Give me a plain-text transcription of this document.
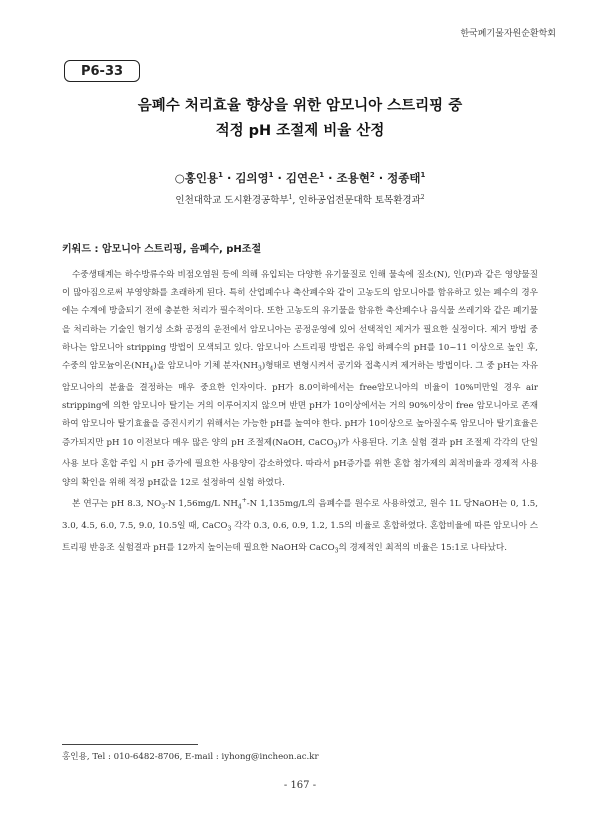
한국폐기물자원순환학회
P6-33
음폐수 처리효율 향상을 위한 암모니아 스트리핑 중
적정 pH 조절제 비율 산정
○홍인용$^1$ · 김의영$^1$ · 김연은$^1$ · 조용현$^2$ · 정종태$^1$
인천대학교 도시환경공학부$^1$, 인하공업전문대학 토목환경과$^2$
키워드 : 암모니아 스트리핑, 음폐수, pH조절

수중생태계는 하수방류수와 비점오염원 등에 의해 유입되는 다양한 유기물질로 인해 물속에 질소(N), 인(P)과 같은 영양물질이 많아짐으로써 부영양화를 초래하게 된다. 특히 산업폐수나 축산폐수와 같이 고농도의 암모니아를 함유하고 있는 폐수의 경우에는 수계에 방출되기 전에 충분한 처리가 필수적이다. 또한 고농도의 유기물을 함유한 축산폐수나 음식물 쓰레기와 같은 폐기물을 처리하는 기술인 혐기성 소화 공정의 운전에서 암모니아는 공정운영에 있어 선택적인 제거가 필요한 실정이다. 제거 방법 중 하나는 암모니아 stripping 방법이 모색되고 있다. 암모니아 스트리핑 방법은 유입 하폐수의 pH를 10~11 이상으로 높인 후, 수중의 암모늄이온$(NH_4)$을 암모니아 기체 분자$(NH_3)$형태로 변형시켜서 공기와 접촉시켜 제거하는 방법이다. 그 중 pH는 자유 암모니아의 분율을 결정하는 매우 중요한 인자이다. pH가 8.0이하에서는 free암모니아의 비율이 10%미만일 경우 air stripping에 의한 암모니아 탈기는 거의 이루어지지 않으며 반면 pH가 10이상에서는 거의 90%이상이 free 암모니아로 존재하여 암모니아 탈기효율을 증진시키기 위해서는 가능한 pH를 높여야 한다. pH가 10이상으로 높아질수록 암모니아 탈기효율은 증가되지만 pH 10 이전보다 매우 많은 양의 pH 조절제(NaOH, CaCO$_3$)가 사용된다. 기초 실험 결과 pH 조절제 각각의 단일 사용 보다 혼합 주입 시 pH 증가에 필요한 사용양이 감소하였다. 따라서 pH증가를 위한 혼합 첨가제의 최적비율과 경제적 사용양의 확인을 위해 적정 pH값을 12로 설정하여 실험 하였다.

본 연구는 pH 8.3, $NO_3-N$ 1,56mg/L $NH_4^+-N$ 1,135mg/L의 음폐수를 원수로 사용하였고, 원수 1L 당NaOH는 0, 1.5, 3.0, 4.5, 6.0, 7.5, 9.0, 10.5일 때, CaCO$_3$ 각각 0.3, 0.6, 0.9, 1.2, 1.5의 비율로 혼합하였다. 혼합비율에 따른 암모니아 스트리핑 반응조 실험결과 pH를 12까지 높이는데 필요한 NaOH와 CaCO$_3$의 경제적인 최적의 비율은 15:1로 나타났다.

홍인용, Tel : 010-6482-8706, E-mail : iyhong@incheon.ac.kr
- 167 -
